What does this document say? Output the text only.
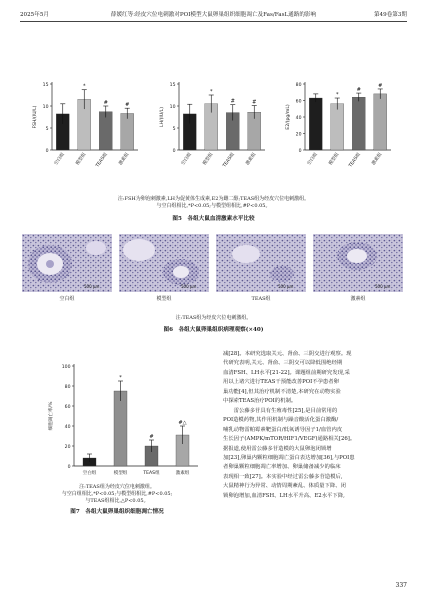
2025年5月	薛媛红等:经皮穴位电刺激对POI模型大鼠卵巢组织细胞凋亡及Fas/FasL通路的影响	第49卷第3期
0
5
10
15
FSH/(IU/L)
空白组
*
模型组
#
TEAS组
#
激素组
0
5
10
15
LH/(IU/L)
空白组
*
模型组
#
TEAS组
#
激素组
0
20
40
60
80
E2/(pg/mL)
空白组
*
模型组
#
TEAS组
#
激素组
注:FSH为卵泡刺激素,LH为促黄体生成素,E2为雌二醇;TEAS组为经皮穴位电刺激组。
与空白组相比,*P<0.05;与模型组相比,#P<0.05。
图5　各组大鼠血清激素水平比较
500 μm	500 μm	500 μm	500 μm
空白组	模型组	TEAS组	激素组
注:TEAS组为经皮穴位电刺激组。
图6　各组大鼠卵巢组织病理观察(×40)
0
20
40
60
80
100
细胞凋亡率/%
空白组
*
模型组
#
TEAS组
#△
激素组
注:TEAS组为经皮穴位电刺激组。
与空白组相比,*P<0.05;与模型组相比,#P<0.05;
与TEAS组相比,△P<0.05。
图7　各组大鼠卵巢组织细胞凋亡情况

减[28]。本研究选取关元、肾俞、三阴交进行观察。现

代研究表明,关元、肾俞、三阴交可以降低围绝经期

血清FSH、LH水平[21-22]。课题组前期研究发现,采

用以上诸穴进行TEAS干预能改善POI不孕患者卵

巢功能[4],但其治疗机制不清楚,本研究在动物实验

中探索TEAS治疗POI的机制。

　　雷公藤多苷具有生殖毒性[25],是目前常用的

POI造模药物,其作用机制与躁音酸活化蛋白激酶/

哺乳动物雷帕霉素靶蛋白/低氧诱导因子1/血管内皮

生长因子(AMPK/mTOR/HIF1/VEGF)通路相关[26]。

据报道,使用雷公藤多苷造模的大鼠卵泡闭锁增

加[23],卵巢内颗粒细胞凋亡蛋白表达增加[36],与POI患

者卵巢颗粒细胞凋亡率增加、卵巢储备减少的临床

表现相一致[27]。本实验中经过雷公藤多苷造模后,

大鼠精神行为异常、动情周期紊乱、体质量下降、闭

锁卵泡增加,血清FSH、LH水平升高、E2水平下降,

337
